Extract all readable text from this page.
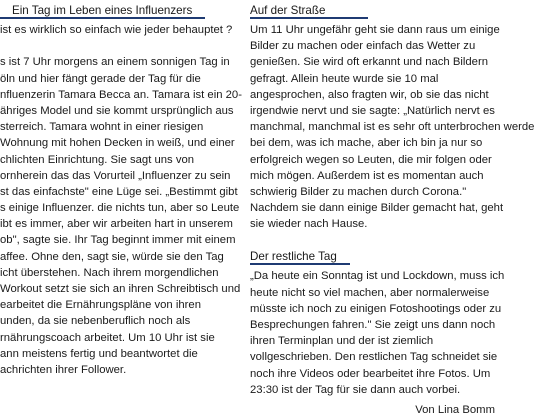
Ein Tag im Leben eines Influenzers
ist es wirklich so einfach wie jeder behauptet ?
s ist 7 Uhr morgens an einem sonnigen Tag in
öln und hier fängt gerade der Tag für die
nfluenzerin Tamara Becca an. Tamara ist ein 20-
ähriges Model und sie kommt ursprünglich aus
sterreich. Tamara wohnt in einer riesigen
Wohnung mit hohen Decken in weiß, und einer
chlichten Einrichtung. Sie sagt uns von
ornherein das das Vorurteil „Influenzer zu sein
st das einfachste" eine Lüge sei. „Bestimmt gibt
s einige Influenzer. die nichts tun, aber so Leute
ibt es immer, aber wir arbeiten hart in unserem
ob", sagte sie. Ihr Tag beginnt immer mit einem
affee. Ohne den, sagt sie, würde sie den Tag
icht überstehen. Nach ihrem morgendlichen
Workout setzt sie sich an ihren Schreibtisch und
earbeitet die Ernährungspläne von ihren
unden, da sie nebenberuflich noch als
rnährungscoach arbeitet. Um 10 Uhr ist sie
ann meistens fertig und beantwortet die
achrichten ihrer Follower.
Auf der Straße
Um 11 Uhr ungefähr geht sie dann raus um einige
Bilder zu machen oder einfach das Wetter zu
genießen. Sie wird oft erkannt und nach Bildern
gefragt. Allein heute wurde sie 10 mal
angesprochen, also fragten wir, ob sie das nicht
irgendwie nervt und sie sagte: „Natürlich nervt es
manchmal, manchmal ist es sehr oft unterbrochen werde
bei dem, was ich mache, aber ich bin ja nur so
erfolgreich wegen so Leuten, die mir folgen oder
mich mögen. Außerdem ist es momentan auch
schwierig Bilder zu machen durch Corona."
Nachdem sie dann einige Bilder gemacht hat, geht
sie wieder nach Hause.
Der restliche Tag
„Da heute ein Sonntag ist und Lockdown, muss ich
heute nicht so viel machen, aber normalerweise
müsste ich noch zu einigen Fotoshootings oder zu
Besprechungen fahren." Sie zeigt uns dann noch
ihren Terminplan und der ist ziemlich
vollgeschrieben. Den restlichen Tag schneidet sie
noch ihre Videos oder bearbeitet ihre Fotos. Um
23:30 ist der Tag für sie dann auch vorbei.
Von Lina Bomm
